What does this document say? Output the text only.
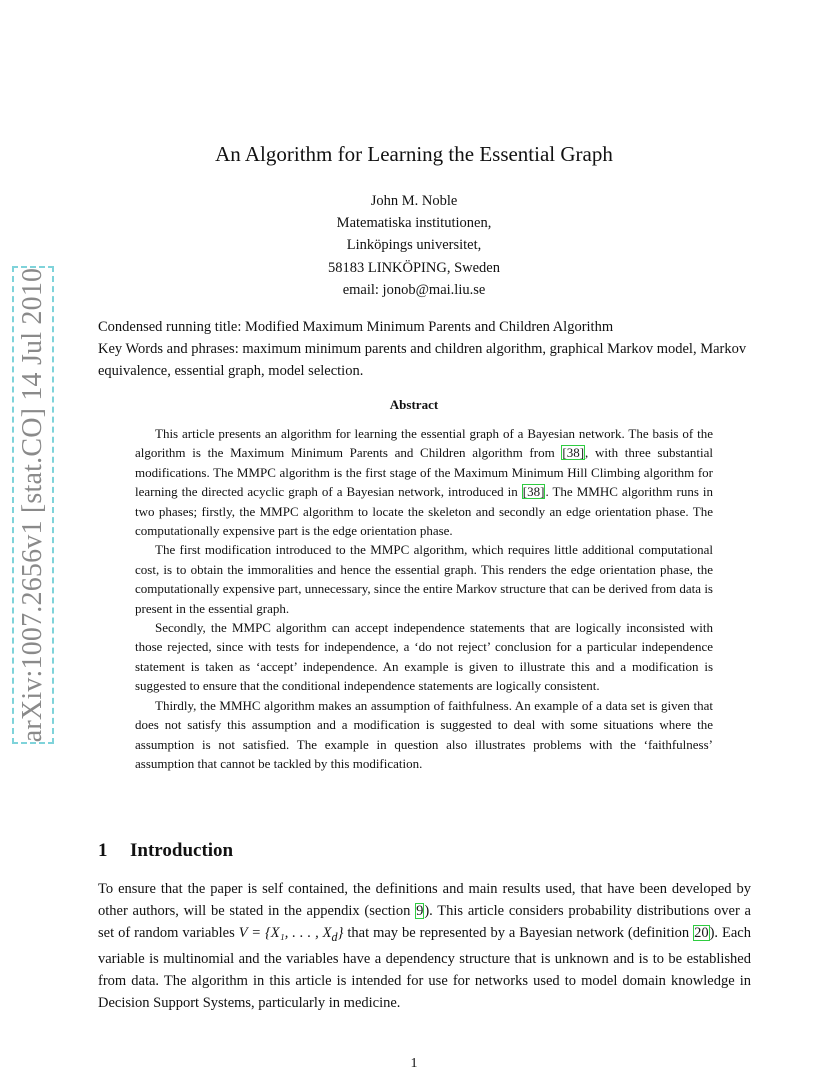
arXiv:1007.2656v1 [stat.CO] 14 Jul 2010
An Algorithm for Learning the Essential Graph
John M. Noble
Matematiska institutionen,
Linköpings universitet,
58183 LINKÖPING, Sweden
email: jonob@mai.liu.se
Condensed running title: Modified Maximum Minimum Parents and Children Algorithm
Key Words and phrases: maximum minimum parents and children algorithm, graphical Markov model, Markov equivalence, essential graph, model selection.
Abstract

This article presents an algorithm for learning the essential graph of a Bayesian network. The basis of the algorithm is the Maximum Minimum Parents and Children algorithm from [38], with three substantial modifications. The MMPC algorithm is the first stage of the Maximum Minimum Hill Climbing algorithm for learning the directed acyclic graph of a Bayesian network, introduced in [38]. The MMHC algorithm runs in two phases; firstly, the MMPC algorithm to locate the skeleton and secondly an edge orientation phase. The computationally expensive part is the edge orientation phase.

The first modification introduced to the MMPC algorithm, which requires little additional computational cost, is to obtain the immoralities and hence the essential graph. This renders the edge orientation phase, the computationally expensive part, unnecessary, since the entire Markov structure that can be derived from data is present in the essential graph.

Secondly, the MMPC algorithm can accept independence statements that are logically inconsisted with those rejected, since with tests for independence, a ‘do not reject’ conclusion for a particular independence statement is taken as ‘accept’ independence. An example is given to illustrate this and a modification is suggested to ensure that the conditional independence statements are logically consistent.

Thirdly, the MMHC algorithm makes an assumption of faithfulness. An example of a data set is given that does not satisfy this assumption and a modification is suggested to deal with some situations where the assumption is not satisfied. The example in question also illustrates problems with the ‘faithfulness’ assumption that cannot be tackled by this modification.

1 Introduction

To ensure that the paper is self contained, the definitions and main results used, that have been developed by other authors, will be stated in the appendix (section 9). This article considers probability distributions over a set of random variables V = {X₁, . . . , $X_d$} that may be represented by a Bayesian network (definition 20). Each variable is multinomial and the variables have a dependency structure that is unknown and is to be established from data. The algorithm in this article is intended for use for networks used to model domain knowledge in Decision Support Systems, particularly in medicine.

1
